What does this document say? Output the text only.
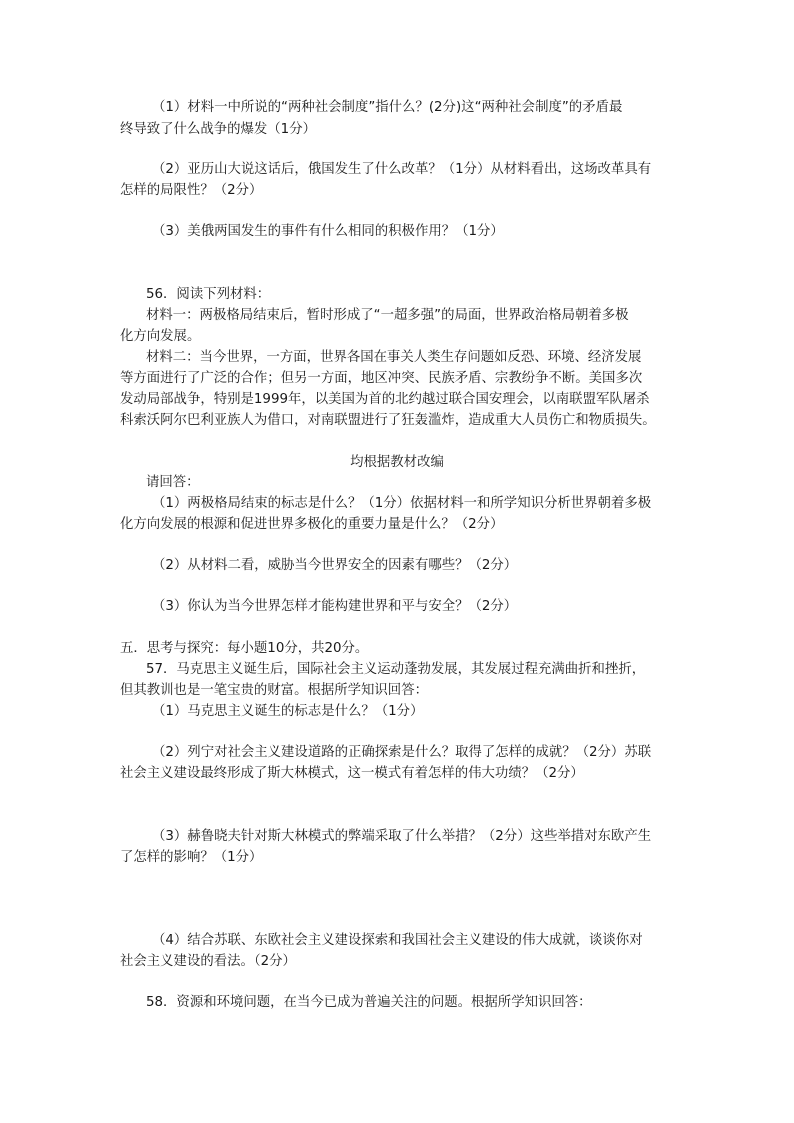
（1）材料一中所说的“两种社会制度”指什么？(2分)这“两种社会制度”的矛盾最
终导致了什么战争的爆发（1分）
（2）亚历山大说这话后，俄国发生了什么改革？（1分）从材料看出，这场改革具有
怎样的局限性？（2分）
（3）美俄两国发生的事件有什么相同的积极作用？（1分）
56．阅读下列材料：
材料一：两极格局结束后，暂时形成了“一超多强”的局面，世界政治格局朝着多极
化方向发展。
材料二：当今世界，一方面，世界各国在事关人类生存问题如反恐、环境、经济发展
等方面进行了广泛的合作；但另一方面，地区冲突、民族矛盾、宗教纷争不断。美国多次
发动局部战争，特别是1999年，以美国为首的北约越过联合国安理会，以南联盟军队屠杀
科索沃阿尔巴利亚族人为借口，对南联盟进行了狂轰滥炸，造成重大人员伤亡和物质损失。
均根据教材改编
请回答：
（1）两极格局结束的标志是什么？（1分）依据材料一和所学知识分析世界朝着多极
化方向发展的根源和促进世界多极化的重要力量是什么？（2分）
（2）从材料二看，威胁当今世界安全的因素有哪些？（2分）
（3）你认为当今世界怎样才能构建世界和平与安全？（2分）
五．思考与探究：每小题10分，共20分。
57．马克思主义诞生后，国际社会主义运动蓬勃发展，其发展过程充满曲折和挫折，
但其教训也是一笔宝贵的财富。根据所学知识回答：
（1）马克思主义诞生的标志是什么？（1分）
（2）列宁对社会主义建设道路的正确探索是什么？取得了怎样的成就？（2分）苏联
社会主义建设最终形成了斯大林模式，这一模式有着怎样的伟大功绩？（2分）
（3）赫鲁晓夫针对斯大林模式的弊端采取了什么举措？（2分）这些举措对东欧产生
了怎样的影响？（1分）
（4）结合苏联、东欧社会主义建设探索和我国社会主义建设的伟大成就，谈谈你对
社会主义建设的看法。（2分）
58．资源和环境问题，在当今已成为普遍关注的问题。根据所学知识回答：
